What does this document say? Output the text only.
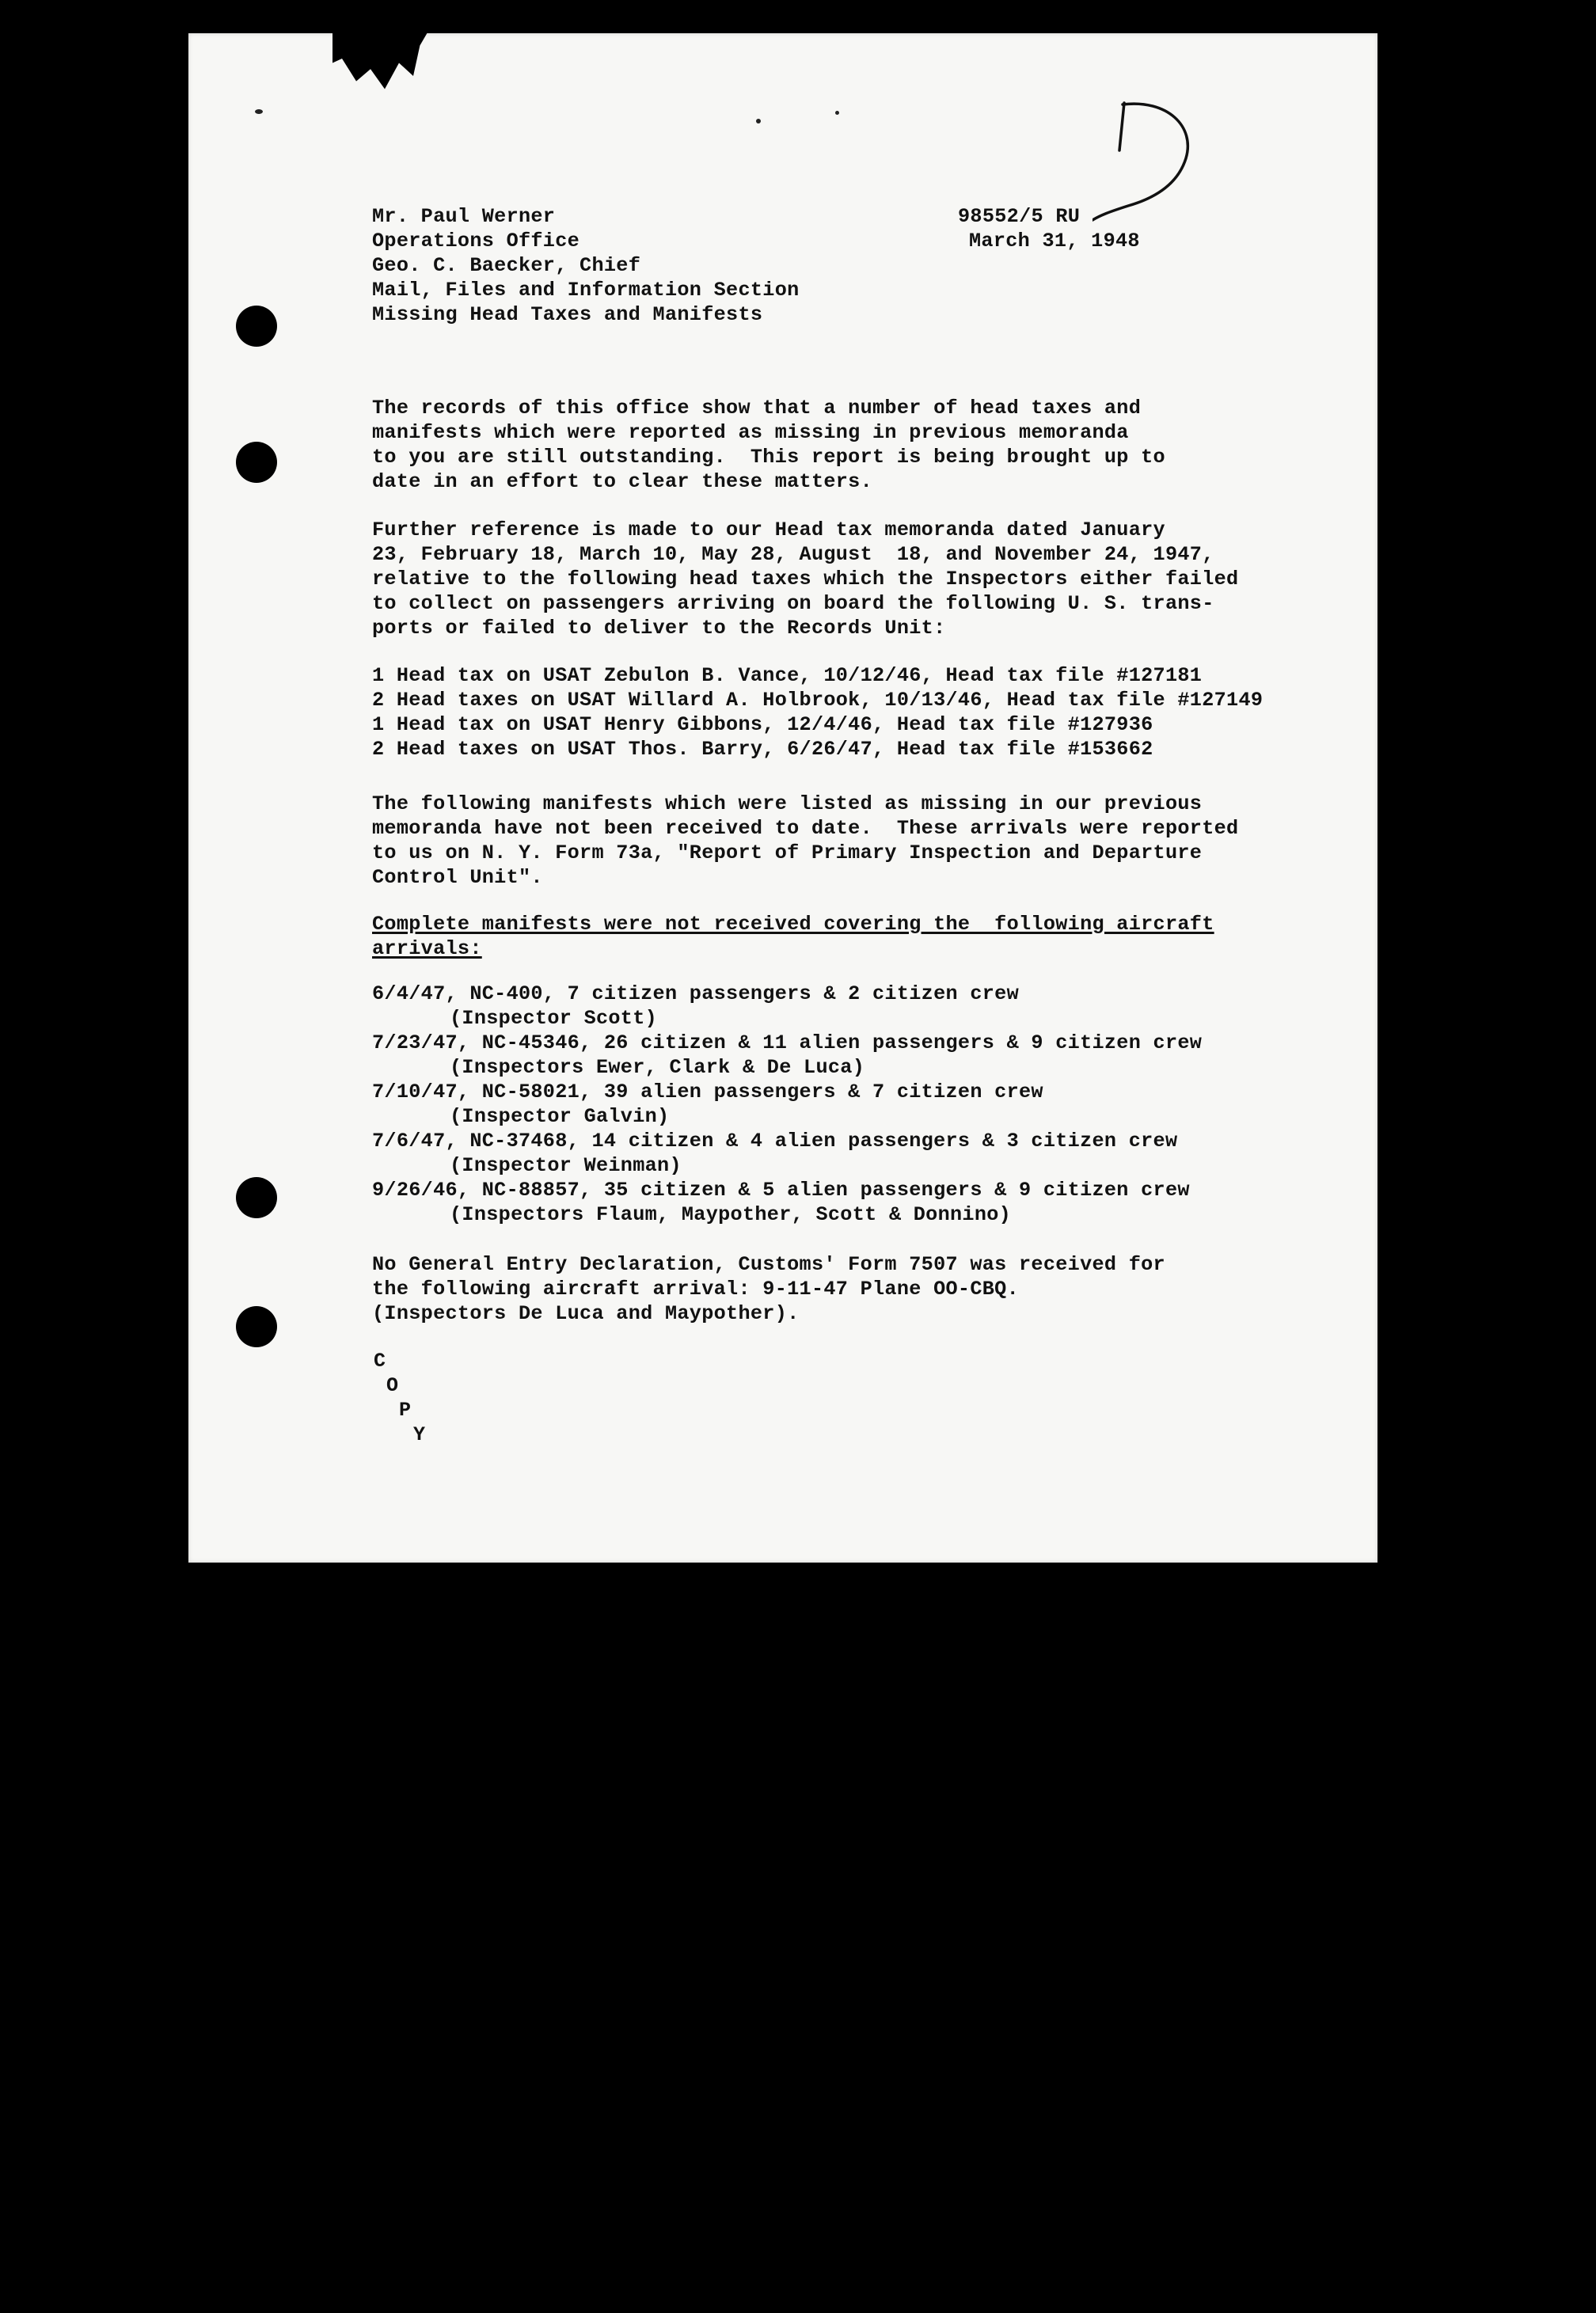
Mr. Paul Werner
Operations Office
Geo. C. Baecker, Chief
Mail, Files and Information Section
Missing Head Taxes and Manifests
98552/5 RU
March 31, 1948
The records of this office show that a number of head taxes and
manifests which were reported as missing in previous memoranda
to you are still outstanding.  This report is being brought up to
date in an effort to clear these matters.
Further reference is made to our Head tax memoranda dated January
23, February 18, March 10, May 28, August  18, and November 24, 1947,
relative to the following head taxes which the Inspectors either failed
to collect on passengers arriving on board the following U. S. trans-
ports or failed to deliver to the Records Unit:
1 Head tax on USAT Zebulon B. Vance, 10/12/46, Head tax file #127181
2 Head taxes on USAT Willard A. Holbrook, 10/13/46, Head tax file #127149
1 Head tax on USAT Henry Gibbons, 12/4/46, Head tax file #127936
2 Head taxes on USAT Thos. Barry, 6/26/47, Head tax file #153662
The following manifests which were listed as missing in our previous
memoranda have not been received to date.  These arrivals were reported
to us on N. Y. Form 73a, "Report of Primary Inspection and Departure
Control Unit".
Complete manifests were not received covering the  following aircraft
arrivals:
6/4/47, NC-400, 7 citizen passengers & 2 citizen crew
(Inspector Scott)
7/23/47, NC-45346, 26 citizen & 11 alien passengers & 9 citizen crew
(Inspectors Ewer, Clark & De Luca)
7/10/47, NC-58021, 39 alien passengers & 7 citizen crew
(Inspector Galvin)
7/6/47, NC-37468, 14 citizen & 4 alien passengers & 3 citizen crew
(Inspector Weinman)
9/26/46, NC-88857, 35 citizen & 5 alien passengers & 9 citizen crew
(Inspectors Flaum, Maypother, Scott & Donnino)
No General Entry Declaration, Customs' Form 7507 was received for
the following aircraft arrival: 9-11-47 Plane OO-CBQ.
(Inspectors De Luca and Maypother).
C
O
P
Y
